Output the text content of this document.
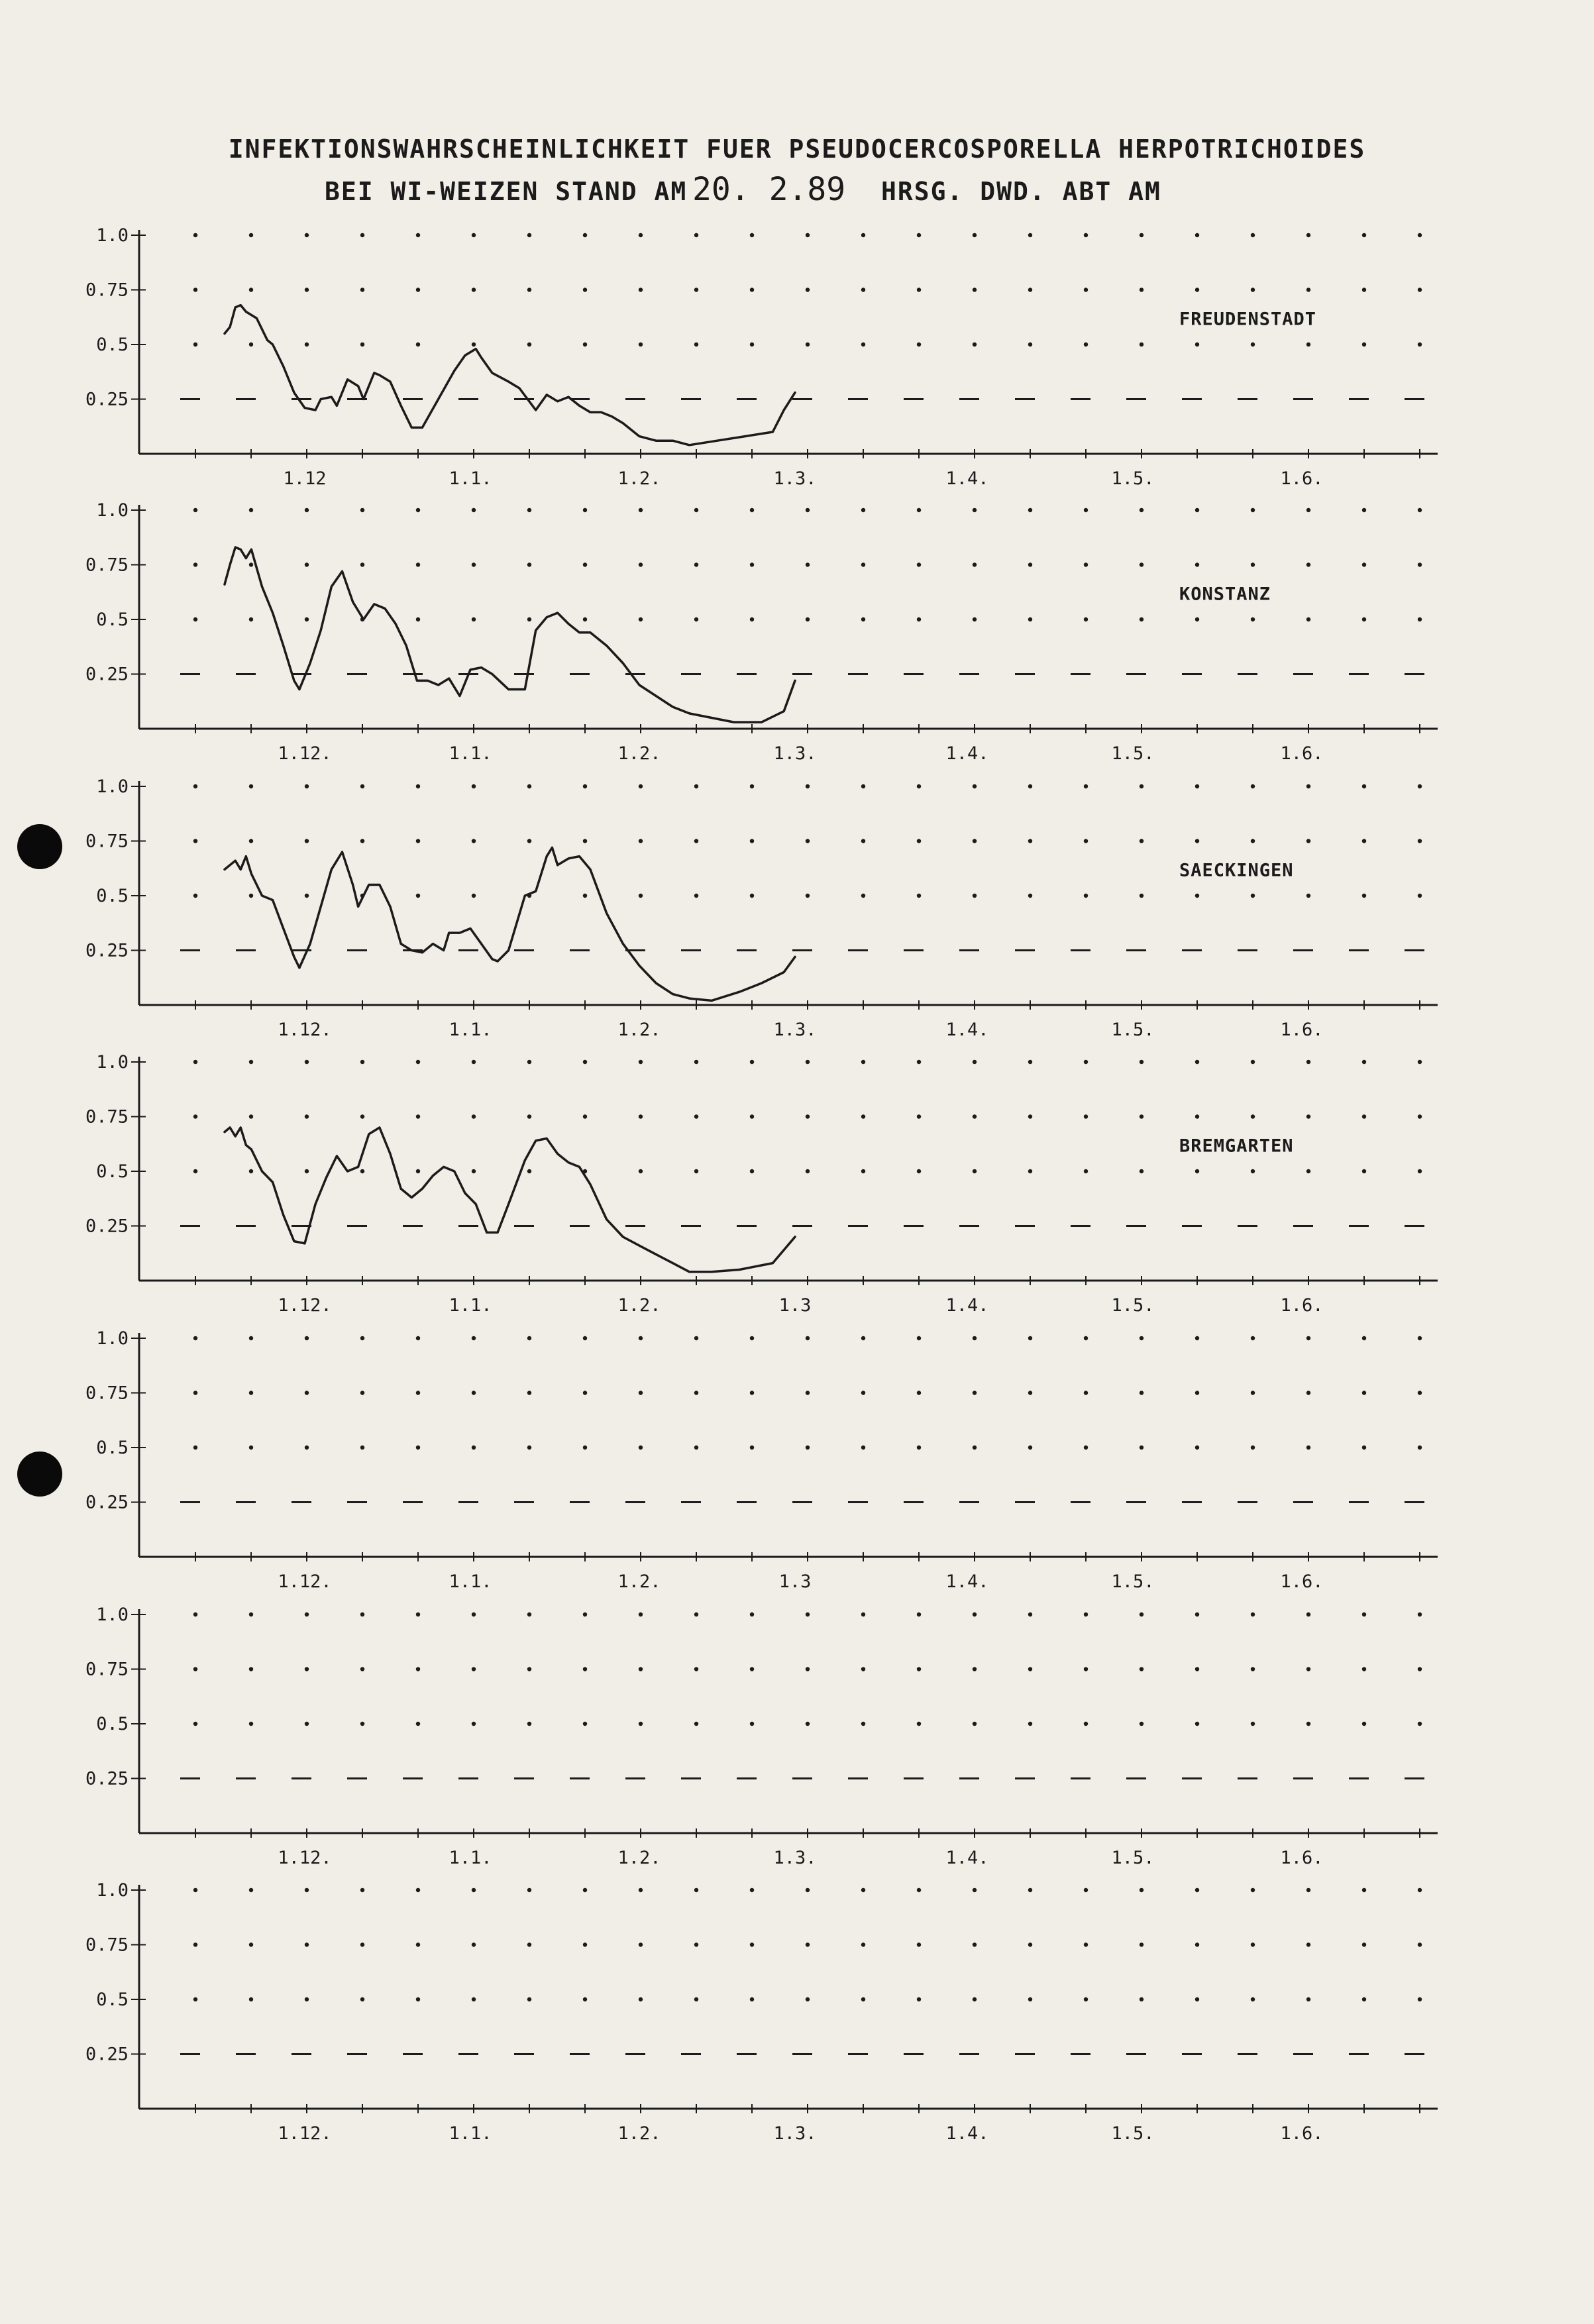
INFEKTIONSWAHRSCHEINLICHKEIT FUER PSEUDOCERCOSPORELLA HERPOTRICHOIDES
BEI WI-WEIZEN STAND AM 20. 2.89 HRSG. DWD. ABT AM
1.0
0.75
0.5
0.25
1.12	1.1.	1.2.	1.3.	1.4.	1.5.	1.6.
FREUDENSTADT
1.0
0.75
0.5
0.25
1.12.	1.1.	1.2.	1.3.	1.4.	1.5.	1.6.
KONSTANZ
1.0
0.75
0.5
0.25
1.12.	1.1.	1.2.	1.3.	1.4.	1.5.	1.6.
SAECKINGEN
1.0
0.75
0.5
0.25
1.12.	1.1.	1.2.	1.3	1.4.	1.5.	1.6.
BREMGARTEN
1.0
0.75
0.5
0.25
1.12.	1.1.	1.2.	1.3	1.4.	1.5.	1.6.
1.0
0.75
0.5
0.25
1.12.	1.1.	1.2.	1.3.	1.4.	1.5.	1.6.
1.0
0.75
0.5
0.25
1.12.	1.1.	1.2.	1.3.	1.4.	1.5.	1.6.
